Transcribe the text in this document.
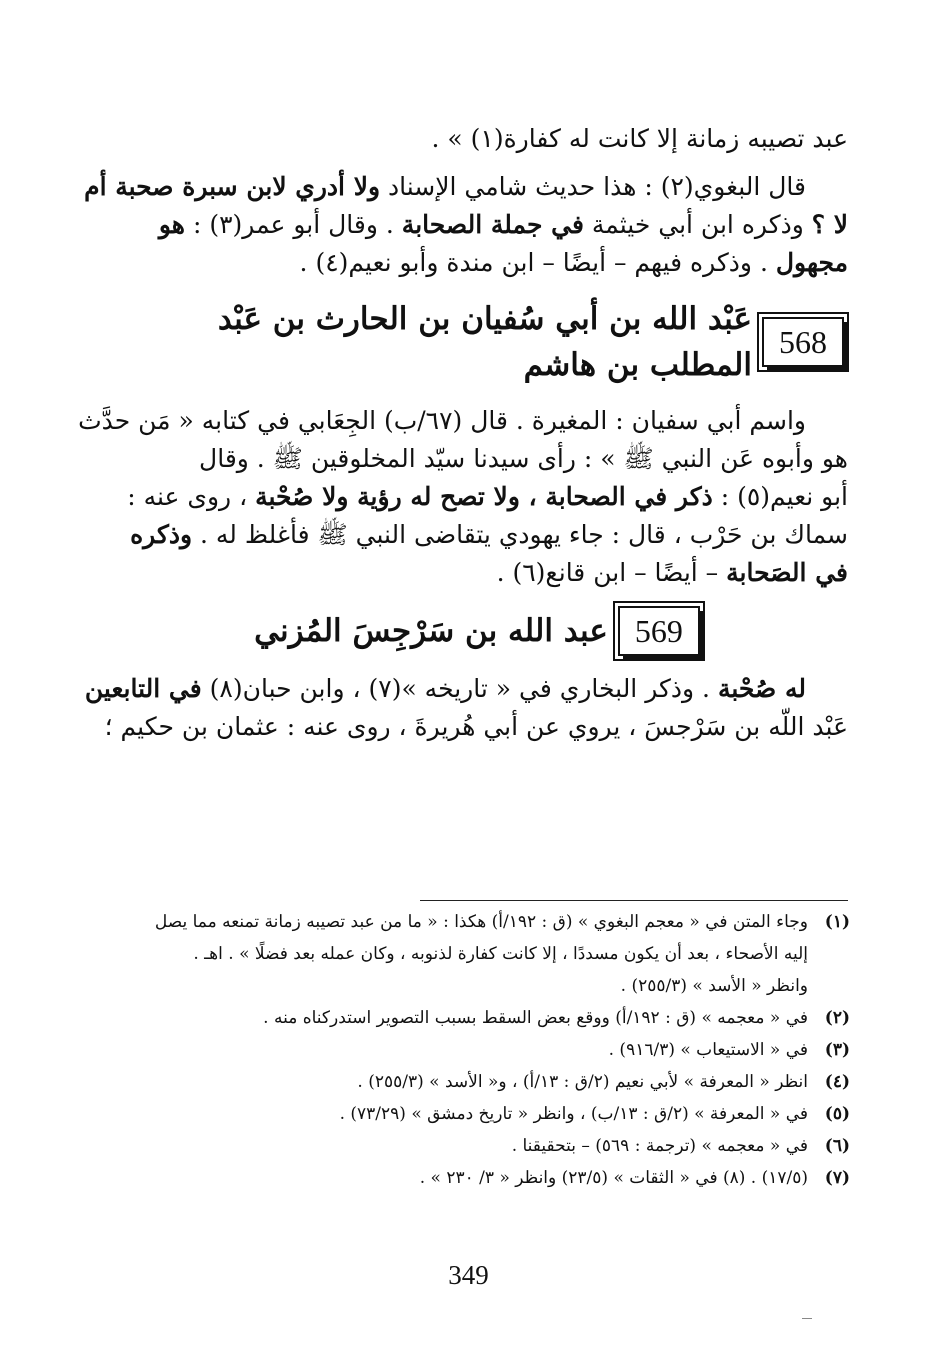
عبد تصيبه زمانة إلا كانت له كفارة(١) » .

قال البغوي(٢) : هذا حديث شامي الإسناد ولا أدري لابن سبرة صحبة أم

لا ؟ وذكره ابن أبي خيثمة في جملة الصحابة . وقال أبو عمر(٣) : هو

مجهول . وذكره فيهم – أيضًا – ابن مندة وأبو نعيم(٤) .

568
عَبْد الله بن أبي سُفيان بن الحارث بن عَبْد المطلب بن هاشم

واسم أبي سفيان : المغيرة . قال (٦٧/ب) الجِعَابي في كتابه « مَن حدَّث

هو وأبوه عَن النبي ﷺ » : رأى سيدنا سيّد المخلوقين ﷺ . وقال

أبو نعيم(٥) : ذكر في الصحابة ، ولا تصح له رؤية ولا صُحْبة ، روى عنه :

سماك بن حَرْب ، قال : جاء يهودي يتقاضى النبي ﷺ فأغلظ له . وذكره

في الصَحابة – أيضًا – ابن قانع(٦) .

569
عبد الله بن سَرْجِسَ المُزني

له صُحْبة . وذكر البخاري في « تاريخه »(٧) ، وابن حبان(٨) في التابعين

عَبْد اللّه بن سَرْجسَ ، يروي عن أبي هُريرةَ ، روى عنه : عثمان بن حكيم ؛

(١)
وجاء المتن في « معجم البغوي » (ق : ١٩٢/أ) هكذا : « ما من عبد تصيبه زمانة تمنعه مما يصل
إليه الأصحاء ، بعد أن يكون مسددًا ، إلا كانت كفارة لذنوبه ، وكان عمله بعد فضلًا » . اهـ .
وانظر « الأسد » (٢٥٥/٣) .
(٢)
في « معجمه » (ق : ١٩٢/أ) ووقع بعض السقط بسبب التصوير استدركناه منه .
(٣)
في « الاستيعاب » (٩١٦/٣) .
(٤)
انظر « المعرفة » لأبي نعيم (٢/ق : ١٣/أ) ، و« الأسد » (٢٥٥/٣) .
(٥)
في « المعرفة » (٢/ق : ١٣/ب) ، وانظر « تاريخ دمشق » (٧٣/٢٩) .
(٦)
في « معجمه » (ترجمة : ٥٦٩) – بتحقيقنا .
(٧)
(١٧/٥) . (٨) في « الثقات » (٢٣/٥) وانظر « ٣/ ٢٣٠ » .
349
